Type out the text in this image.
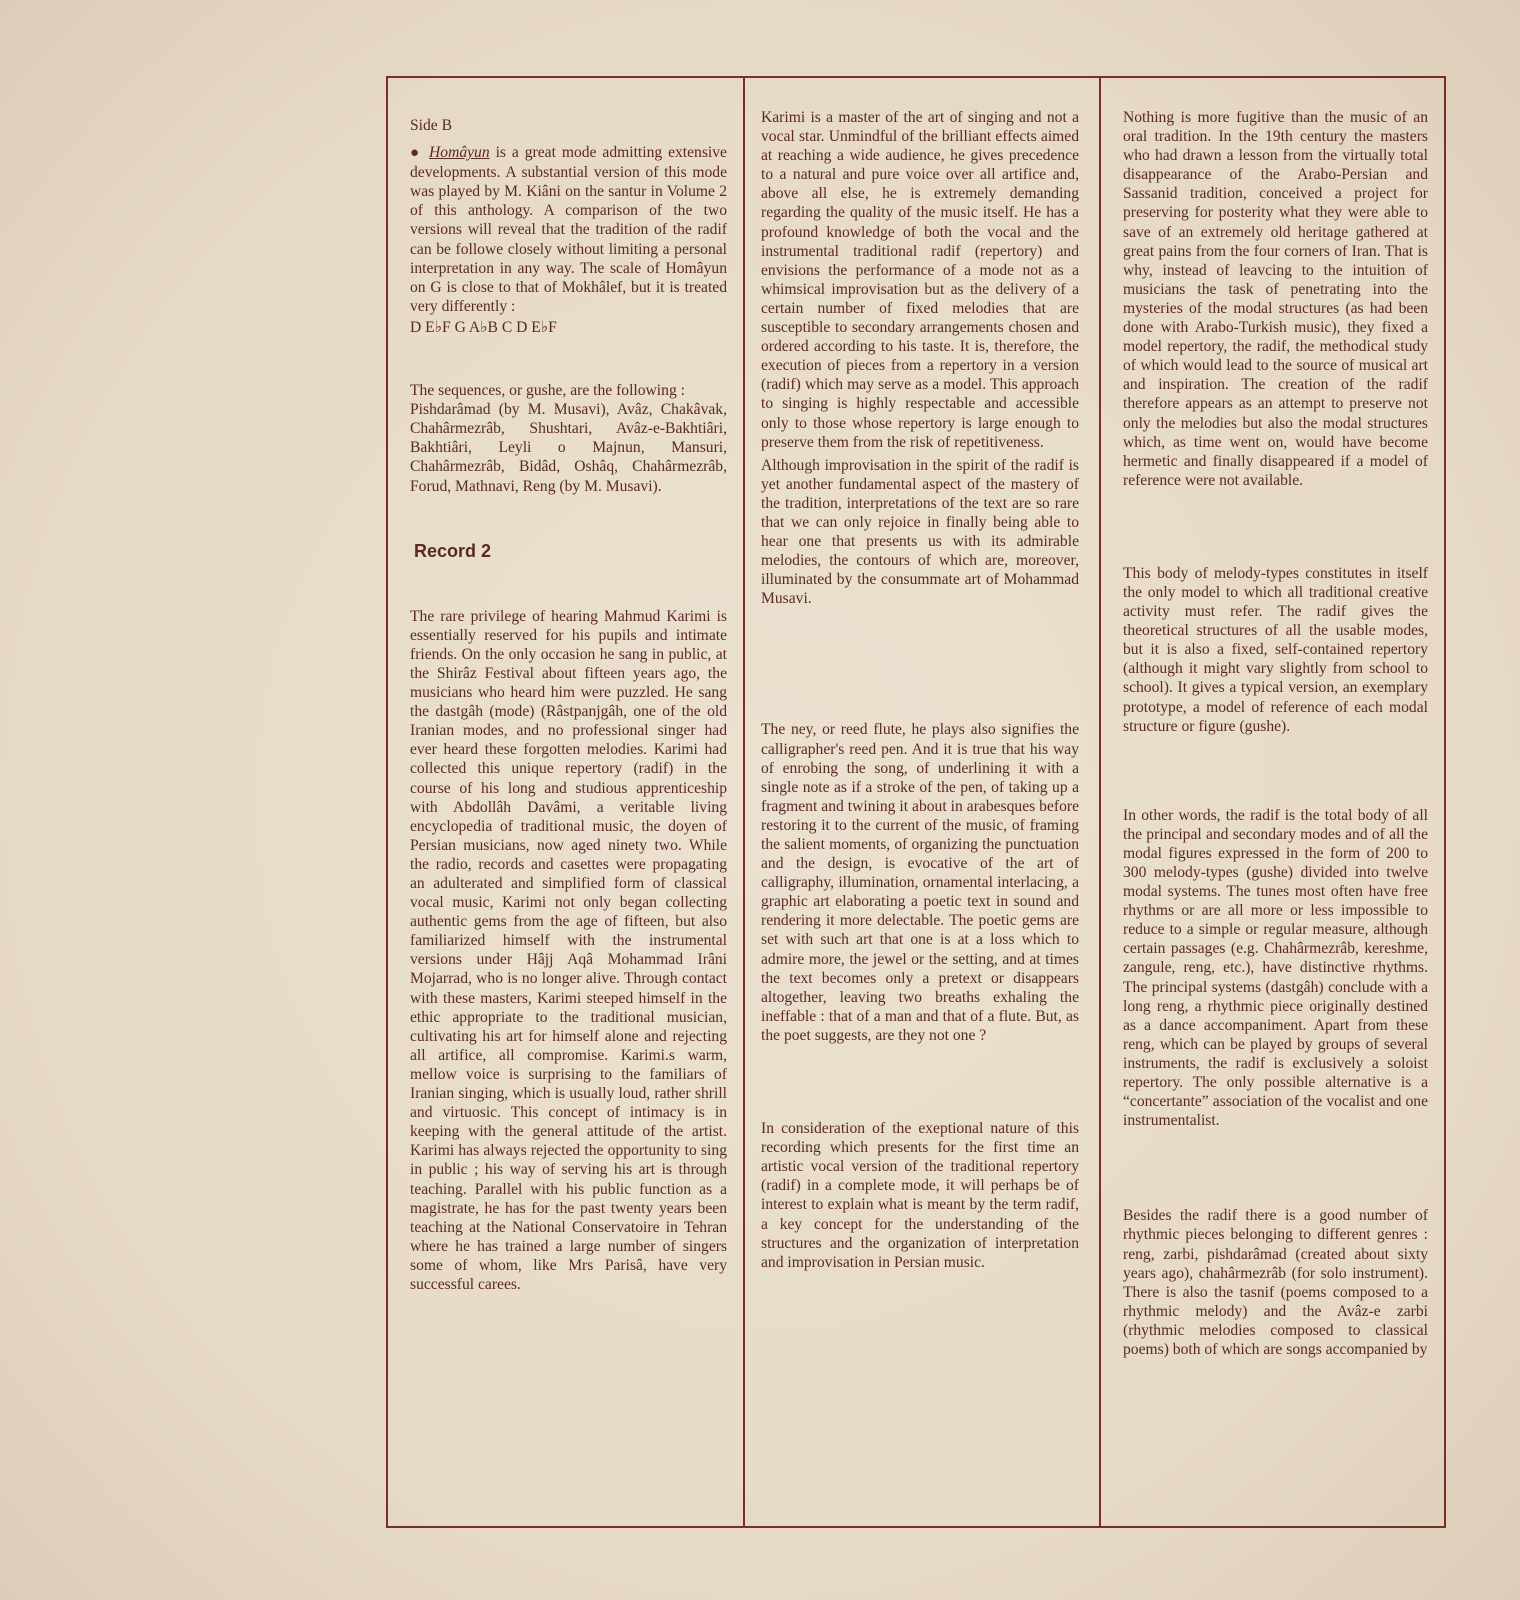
Side B

● Homâyun is a great mode admitting extensive developments. A substantial version of this mode was played by M. Kiâni on the santur in Volume 2 of this anthology. A comparison of the two versions will reveal that the tradition of the radif can be followe closely without limiting a personal interpretation in any way. The scale of Homâyun on G is close to that of Mokhâlef, but it is treated very differently :

D E♭F G A♭B C D E♭F

The sequences, or gushe, are the following :

Pishdarâmad (by M. Musavi), Avâz, Chakâvak, Chahârmezrâb, Shushtari, Avâz-e-Bakhtiâri, Bakhtiâri, Leyli o Majnun, Mansuri, Chahârmezrâb, Bidâd, Oshâq, Chahârmezrâb, Forud, Mathnavi, Reng (by M. Musavi).

Record 2

The rare privilege of hearing Mahmud Karimi is essentially reserved for his pupils and intimate friends. On the only occasion he sang in public, at the Shirâz Festival about fifteen years ago, the musicians who heard him were puzzled. He sang the dastgâh (mode) (Râstpanjgâh, one of the old Iranian modes, and no professional singer had ever heard these forgotten melodies. Karimi had collected this unique repertory (radif) in the course of his long and studious apprenticeship with Abdollâh Davâmi, a veritable living encyclopedia of traditional music, the doyen of Persian musicians, now aged ninety two. While the radio, records and casettes were propagating an adulterated and simplified form of classical vocal music, Karimi not only began collecting authentic gems from the age of fifteen, but also familiarized himself with the instrumental versions under Hâjj Aqâ Mohammad Irâni Mojarrad, who is no longer alive. Through contact with these masters, Karimi steeped himself in the ethic appropriate to the traditional musician, cultivating his art for himself alone and rejecting all artifice, all compromise. Karimi.s warm, mellow voice is surprising to the familiars of Iranian singing, which is usually loud, rather shrill and virtuosic. This concept of intimacy is in keeping with the general attitude of the artist. Karimi has always rejected the opportunity to sing in public ; his way of serving his art is through teaching. Parallel with his public function as a magistrate, he has for the past twenty years been teaching at the National Conservatoire in Tehran where he has trained a large number of singers some of whom, like Mrs Parisâ, have very successful carees.

Karimi is a master of the art of singing and not a vocal star. Unmindful of the brilliant effects aimed at reaching a wide audience, he gives precedence to a natural and pure voice over all artifice and, above all else, he is extremely demanding regarding the quality of the music itself. He has a profound knowledge of both the vocal and the instrumental traditional radif (repertory) and envisions the performance of a mode not as a whimsical improvisation but as the delivery of a certain number of fixed melodies that are susceptible to secondary arrangements chosen and ordered according to his taste. It is, therefore, the execution of pieces from a repertory in a version (radif) which may serve as a model. This approach to singing is highly respectable and accessible only to those whose repertory is large enough to preserve them from the risk of repetitiveness.

Although improvisation in the spirit of the radif is yet another fundamental aspect of the mastery of the tradition, interpretations of the text are so rare that we can only rejoice in finally being able to hear one that presents us with its admirable melodies, the contours of which are, moreover, illuminated by the consummate art of Mohammad Musavi.

The ney, or reed flute, he plays also signifies the calligrapher's reed pen. And it is true that his way of enrobing the song, of underlining it with a single note as if a stroke of the pen, of taking up a fragment and twining it about in arabesques before restoring it to the current of the music, of framing the salient moments, of organizing the punctuation and the design, is evocative of the art of calligraphy, illumination, ornamental interlacing, a graphic art elaborating a poetic text in sound and rendering it more delectable. The poetic gems are set with such art that one is at a loss which to admire more, the jewel or the setting, and at times the text becomes only a pretext or disappears altogether, leaving two breaths exhaling the ineffable : that of a man and that of a flute. But, as the poet suggests, are they not one ?

In consideration of the exeptional nature of this recording which presents for the first time an artistic vocal version of the traditional repertory (radif) in a complete mode, it will perhaps be of interest to explain what is meant by the term radif, a key concept for the understanding of the structures and the organization of interpretation and improvisation in Persian music.

Nothing is more fugitive than the music of an oral tradition. In the 19th century the masters who had drawn a lesson from the virtually total disappearance of the Arabo-Persian and Sassanid tradition, conceived a project for preserving for posterity what they were able to save of an extremely old heritage gathered at great pains from the four corners of Iran. That is why, instead of leavcing to the intuition of musicians the task of penetrating into the mysteries of the modal structures (as had been done with Arabo-Turkish music), they fixed a model repertory, the radif, the methodical study of which would lead to the source of musical art and inspiration. The creation of the radif therefore appears as an attempt to preserve not only the melodies but also the modal structures which, as time went on, would have become hermetic and finally disappeared if a model of reference were not available.

This body of melody-types constitutes in itself the only model to which all traditional creative activity must refer. The radif gives the theoretical structures of all the usable modes, but it is also a fixed, self-contained repertory (although it might vary slightly from school to school). It gives a typical version, an exemplary prototype, a model of reference of each modal structure or figure (gushe).

In other words, the radif is the total body of all the principal and secondary modes and of all the modal figures expressed in the form of 200 to 300 melody-types (gushe) divided into twelve modal systems. The tunes most often have free rhythms or are all more or less impossible to reduce to a simple or regular measure, although certain passages (e.g. Chahârmezrâb, kereshme, zangule, reng, etc.), have distinctive rhythms. The principal systems (dastgâh) conclude with a long reng, a rhythmic piece originally destined as a dance accompaniment. Apart from these reng, which can be played by groups of several instruments, the radif is exclusively a soloist repertory. The only possible alternative is a “concertante” association of the vocalist and one instrumentalist.

Besides the radif there is a good number of rhythmic pieces belonging to different genres : reng, zarbi, pishdarâmad (created about sixty years ago), chahârmezrâb (for solo instrument). There is also the tasnif (poems composed to a rhythmic melody) and the Avâz-e zarbi (rhythmic melodies composed to classical poems) both of which are songs accompanied by
